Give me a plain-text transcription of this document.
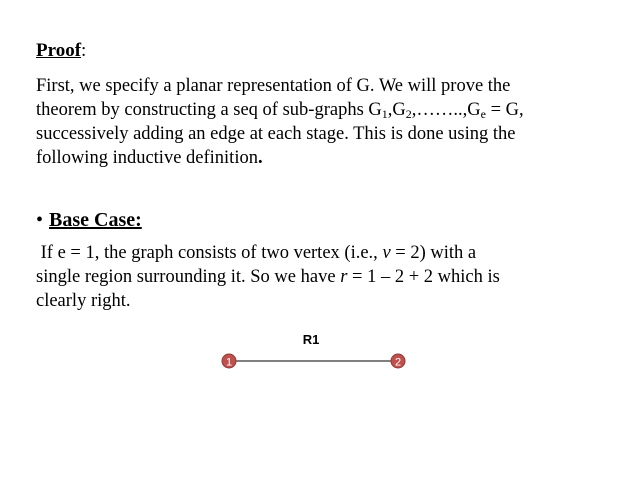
Proof:
First, we specify a planar representation of G. We will prove the
theorem by constructing a seq of sub-graphs $G_1,G_2,\dots\dots..,G_e = G$,
successively adding an edge at each stage. This is done using the
following inductive definition.
• Base Case:
If e = 1, the graph consists of two vertex (i.e., v = 2) with a
single region surrounding it. So we have r = 1 – 2 + 2 which is
clearly right.
R1
1	2
